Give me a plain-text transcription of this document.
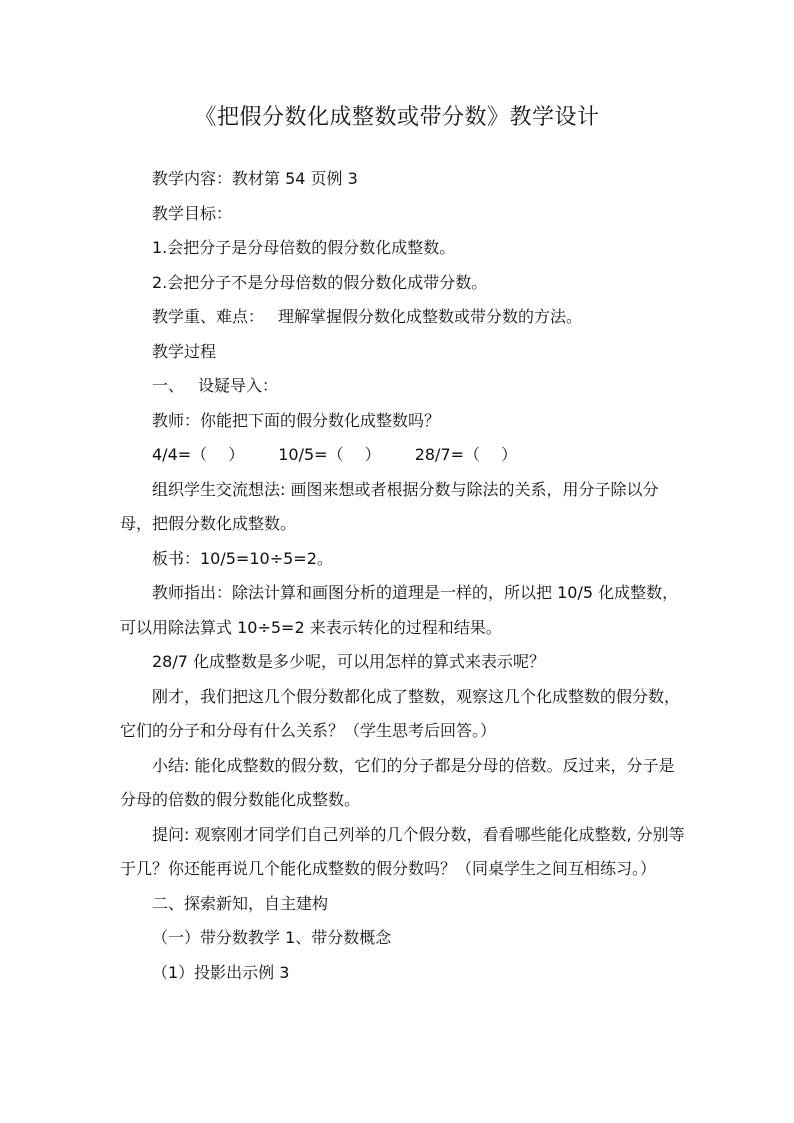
《把假分数化成整数或带分数》教学设计

教学内容：教材第 54 页例 3

教学目标：

1.会把分子是分母倍数的假分数化成整数。

2.会把分子不是分母倍数的假分数化成带分数。

教学重、难点： 理解掌握假分数化成整数或带分数的方法。

教学过程

一、 设疑导入：

教师：你能把下面的假分数化成整数吗？

4/4=（　 ） 10/5=（　 ） 28/7=（　 ）

组织学生交流想法: 画图来想或者根据分数与除法的关系，用分子除以分母，把假分数化成整数。

板书：10/5=10÷5=2。

教师指出：除法计算和画图分析的道理是一样的，所以把 10/5 化成整数，可以用除法算式 10÷5=2 来表示转化的过程和结果。

28/7 化成整数是多少呢，可以用怎样的算式来表示呢？

刚才，我们把这几个假分数都化成了整数，观察这几个化成整数的假分数，它们的分子和分母有什么关系？（学生思考后回答。）

小结: 能化成整数的假分数，它们的分子都是分母的倍数。反过来，分子是分母的倍数的假分数能化成整数。

提问: 观察刚才同学们自己列举的几个假分数，看看哪些能化成整数, 分别等于几？你还能再说几个能化成整数的假分数吗？（同桌学生之间互相练习。）

二、探索新知，自主建构

（一）带分数教学 1、带分数概念

（1）投影出示例 3
